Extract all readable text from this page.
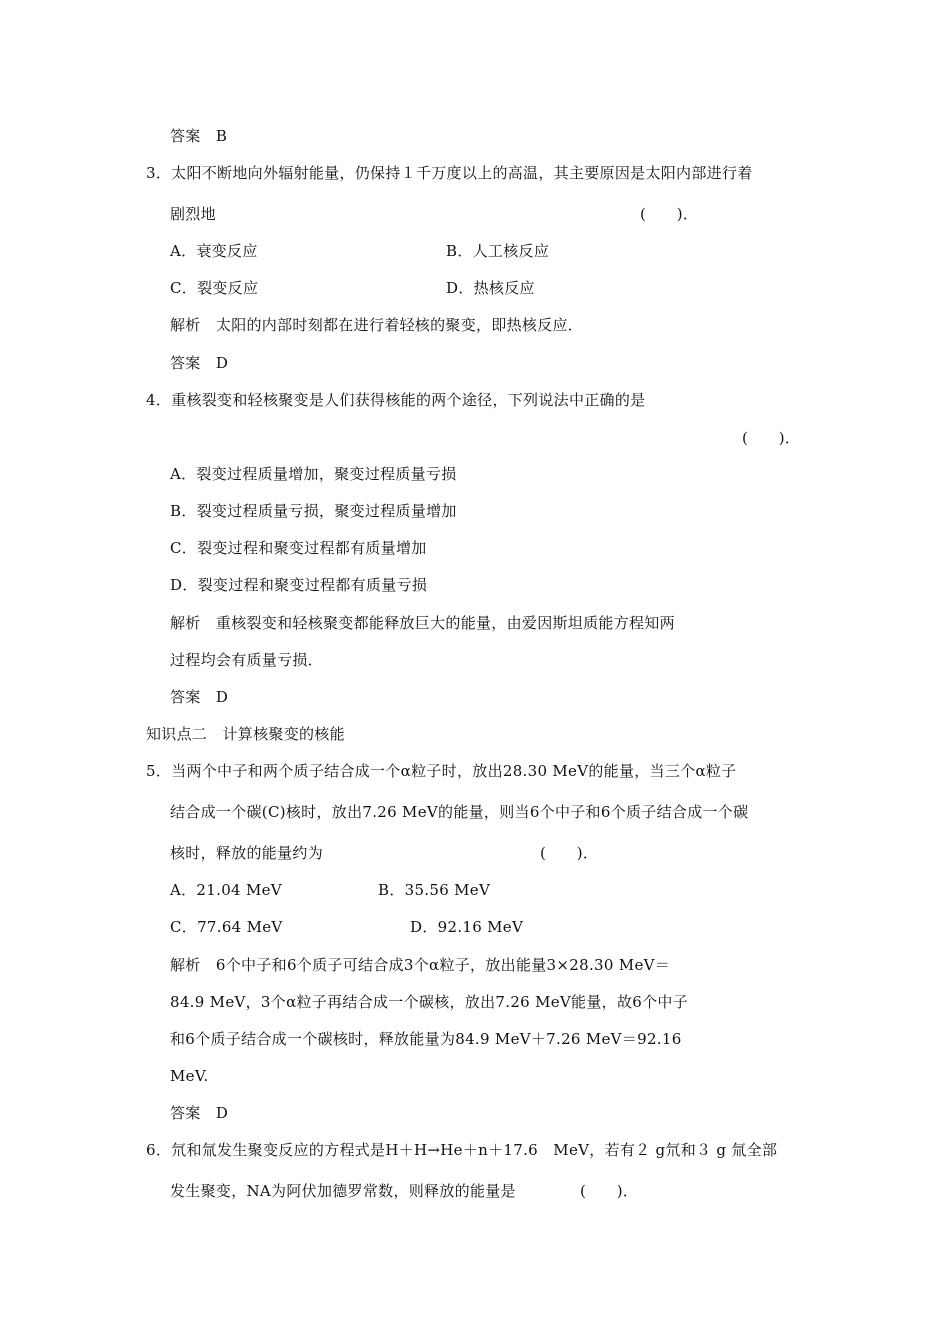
答案　B
3．太阳不断地向外辐射能量，仍保持１千万度以上的高温，其主要原因是太阳内部进行着
剧烈地	(　　)．
A．衰变反应	B．人工核反应
C．裂变反应	D．热核反应
解析　太阳的内部时刻都在进行着轻核的聚变，即热核反应．
答案　D
4．重核裂变和轻核聚变是人们获得核能的两个途径，下列说法中正确的是
(　　)．
A．裂变过程质量增加，聚变过程质量亏损
B．裂变过程质量亏损，聚变过程质量增加
C．裂变过程和聚变过程都有质量增加
D．裂变过程和聚变过程都有质量亏损
解析　重核裂变和轻核聚变都能释放巨大的能量，由爱因斯坦质能方程知两
过程均会有质量亏损．
答案　D
知识点二　计算核聚变的核能
5．当两个中子和两个质子结合成一个α粒子时，放出28.30 MeV的能量，当三个α粒子
结合成一个碳(C)核时，放出7.26 MeV的能量，则当6个中子和6个质子结合成一个碳
核时，释放的能量约为	(　　)．
A．21.04 MeV	B．35.56 MeV
C．77.64 MeV	D．92.16 MeV
解析　6个中子和6个质子可结合成3个α粒子，放出能量3×28.30 MeV＝
84.9 MeV，3个α粒子再结合成一个碳核，放出7.26 MeV能量，故6个中子
和6个质子结合成一个碳核时，释放能量为84.9 MeV＋7.26 MeV＝92.16
MeV.
答案　D
6．氘和氚发生聚变反应的方程式是H＋H→He＋n＋17.6　MeV，若有２ g氘和３ g 氚全部
发生聚变，NA为阿伏加德罗常数，则释放的能量是	(　　)．
